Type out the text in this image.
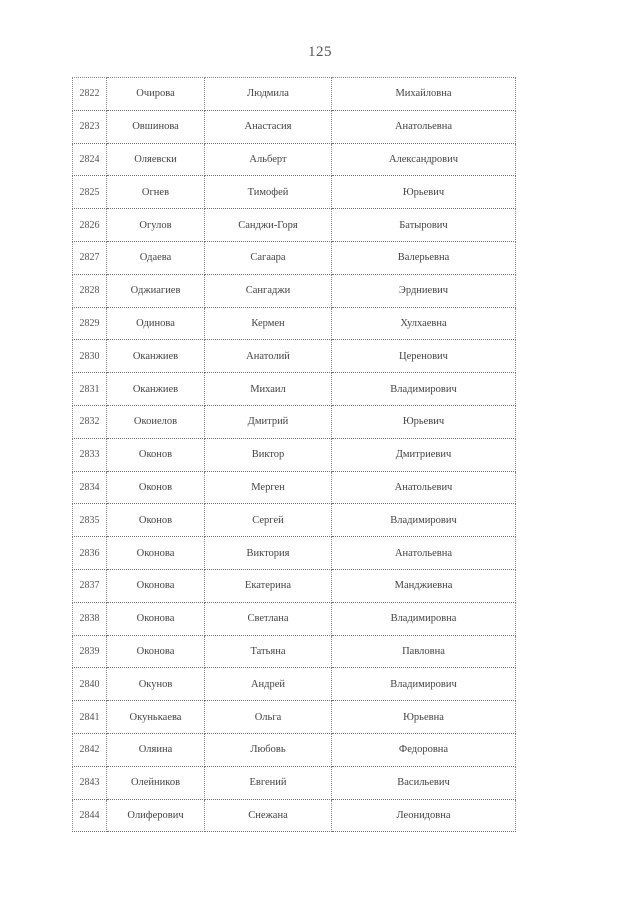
125
2822	Очирова	Людмила	Михайловна
2823	Овшинова	Анастасия	Анатольевна
2824	Оляевски	Альберт	Александрович
2825	Огнев	Тимофей	Юрьевич
2826	Огулов	Санджи-Горя	Батырович
2827	Одаева	Сагаара	Валерьевна
2828	Оджиагиев	Сангаджи	Эрдниевич
2829	Одинова	Кермен	Хулхаевна
2830	Оканжиев	Анатолий	Церенович
2831	Оканжиев	Михаил	Владимирович
2832	Окоиелов	Дмитрий	Юрьевич
2833	Оконов	Виктор	Дмитриевич
2834	Оконов	Мерген	Анатольевич
2835	Оконов	Сергей	Владимирович
2836	Оконова	Виктория	Анатольевна
2837	Оконова	Екатерина	Манджиевна
2838	Оконова	Светлана	Владимировна
2839	Оконова	Татьяна	Павловна
2840	Окунов	Андрей	Владимирович
2841	Окунькаева	Ольга	Юрьевна
2842	Оляина	Любовь	Федоровна
2843	Олейников	Евгений	Васильевич
2844	Олиферович	Снежана	Леонидовна
